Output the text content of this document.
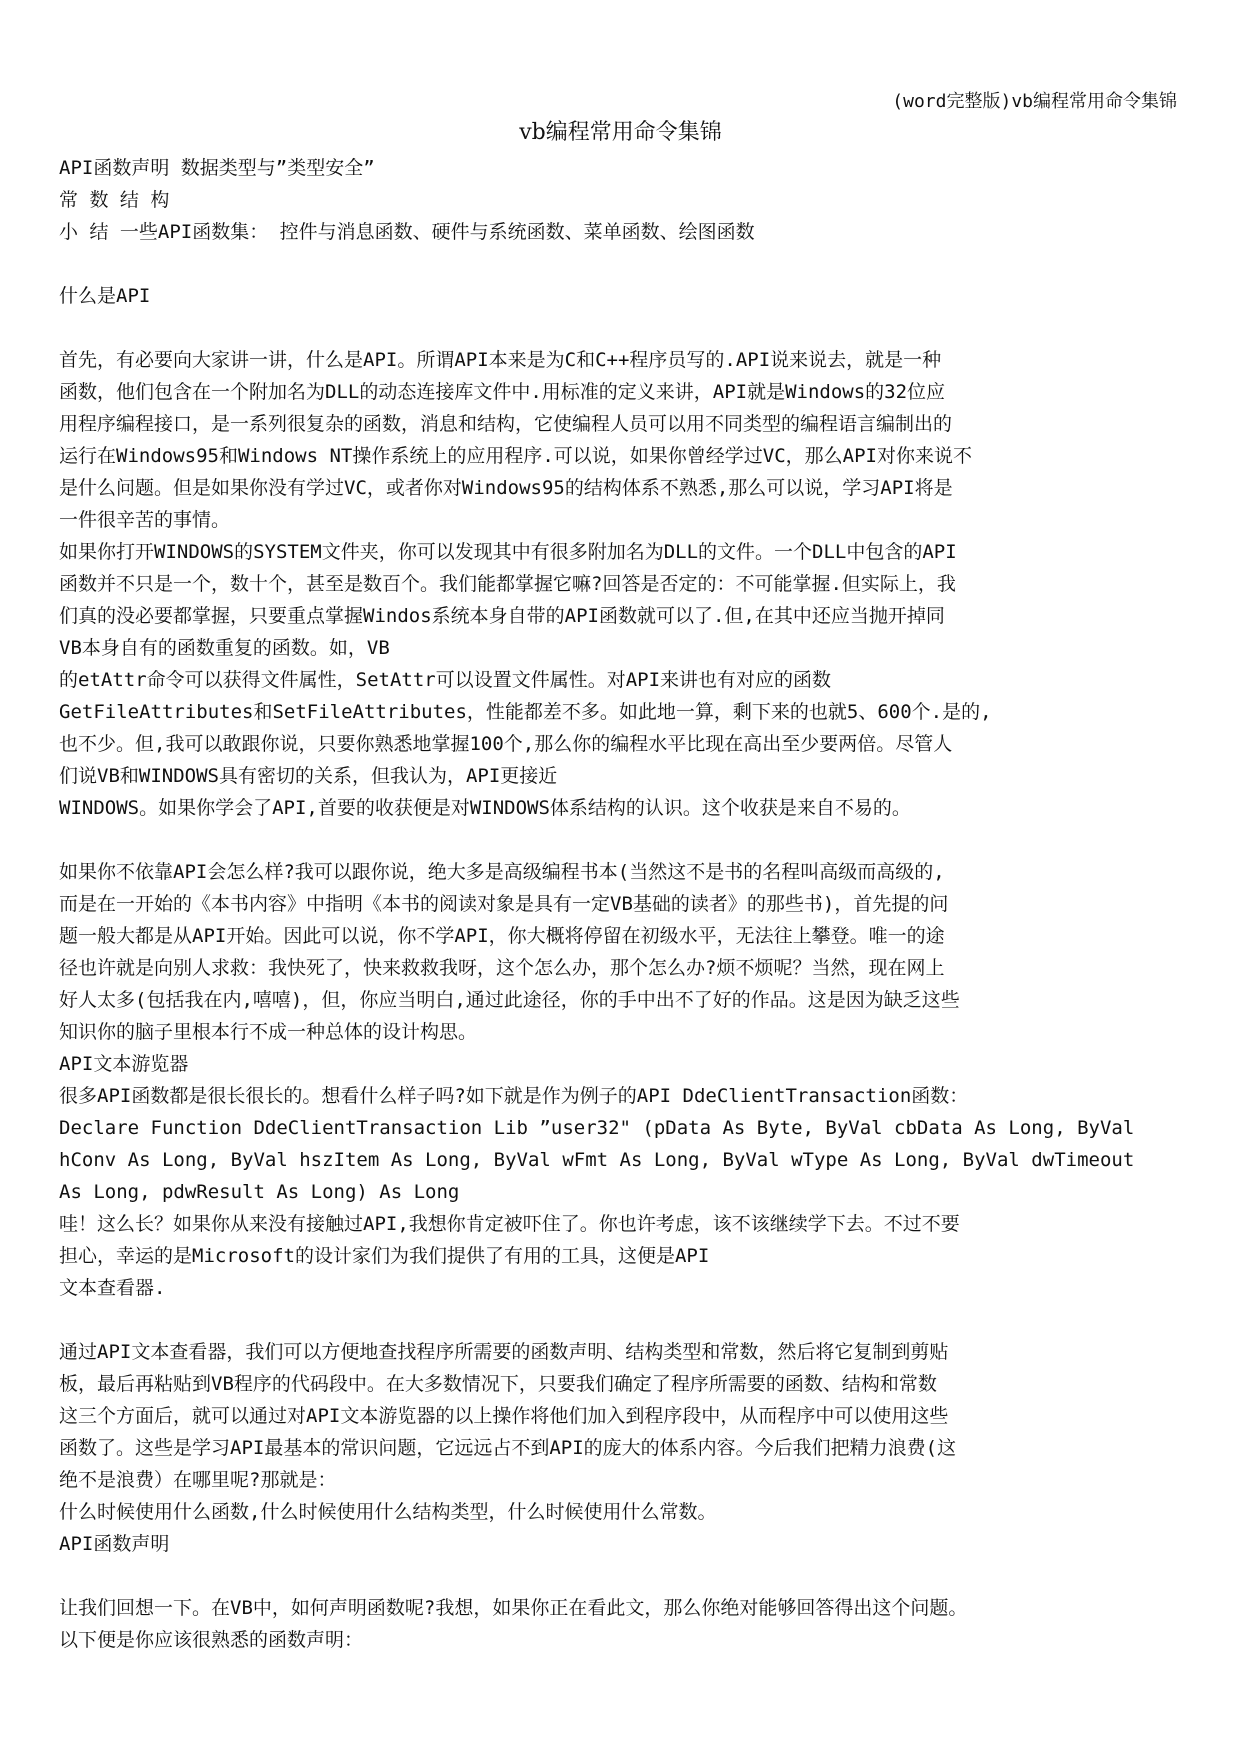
(word完整版)vb编程常用命令集锦
vb编程常用命令集锦
API函数声明 数据类型与”类型安全”
常 数 结 构
小 结 一些API函数集： 控件与消息函数、硬件与系统函数、菜单函数、绘图函数
什么是API
首先，有必要向大家讲一讲，什么是API。所谓API本来是为C和C++程序员写的.API说来说去，就是一种
函数，他们包含在一个附加名为DLL的动态连接库文件中.用标准的定义来讲，API就是Windows的32位应
用程序编程接口，是一系列很复杂的函数，消息和结构，它使编程人员可以用不同类型的编程语言编制出的
运行在Windows95和Windows NT操作系统上的应用程序.可以说，如果你曾经学过VC，那么API对你来说不
是什么问题。但是如果你没有学过VC，或者你对Windows95的结构体系不熟悉,那么可以说，学习API将是
一件很辛苦的事情。
如果你打开WINDOWS的SYSTEM文件夹，你可以发现其中有很多附加名为DLL的文件。一个DLL中包含的API
函数并不只是一个，数十个，甚至是数百个。我们能都掌握它嘛?回答是否定的：不可能掌握.但实际上，我
们真的没必要都掌握，只要重点掌握Windos系统本身自带的API函数就可以了.但,在其中还应当抛开掉同
VB本身自有的函数重复的函数。如，VB
的etAttr命令可以获得文件属性，SetAttr可以设置文件属性。对API来讲也有对应的函数
GetFileAttributes和SetFileAttributes，性能都差不多。如此地一算，剩下来的也就5、600个.是的,
也不少。但,我可以敢跟你说，只要你熟悉地掌握100个,那么你的编程水平比现在高出至少要两倍。尽管人
们说VB和WINDOWS具有密切的关系，但我认为，API更接近
WINDOWS。如果你学会了API,首要的收获便是对WINDOWS体系结构的认识。这个收获是来自不易的。
如果你不依靠API会怎么样?我可以跟你说，绝大多是高级编程书本(当然这不是书的名程叫高级而高级的,
而是在一开始的《本书内容》中指明《本书的阅读对象是具有一定VB基础的读者》的那些书)，首先提的问
题一般大都是从API开始。因此可以说，你不学API，你大概将停留在初级水平，无法往上攀登。唯一的途
径也许就是向别人求救：我快死了，快来救救我呀，这个怎么办，那个怎么办?烦不烦呢？当然，现在网上
好人太多(包括我在内,嘻嘻)，但，你应当明白,通过此途径，你的手中出不了好的作品。这是因为缺乏这些
知识你的脑子里根本行不成一种总体的设计构思。
API文本游览器
很多API函数都是很长很长的。想看什么样子吗?如下就是作为例子的API DdeClientTransaction函数：
Declare Function DdeClientTransaction Lib ”user32" (pData As Byte, ByVal cbData As Long, ByVal
hConv As Long, ByVal hszItem As Long, ByVal wFmt As Long, ByVal wType As Long, ByVal dwTimeout
As Long, pdwResult As Long) As Long
哇！这么长？如果你从来没有接触过API,我想你肯定被吓住了。你也许考虑，该不该继续学下去。不过不要
担心，幸运的是Microsoft的设计家们为我们提供了有用的工具，这便是API
文本查看器.
通过API文本查看器，我们可以方便地查找程序所需要的函数声明、结构类型和常数，然后将它复制到剪贴
板，最后再粘贴到VB程序的代码段中。在大多数情况下，只要我们确定了程序所需要的函数、结构和常数
这三个方面后，就可以通过对API文本游览器的以上操作将他们加入到程序段中，从而程序中可以使用这些
函数了。这些是学习API最基本的常识问题，它远远占不到API的庞大的体系内容。今后我们把精力浪费(这
绝不是浪费）在哪里呢?那就是：
什么时候使用什么函数,什么时候使用什么结构类型，什么时候使用什么常数。
API函数声明
让我们回想一下。在VB中，如何声明函数呢?我想，如果你正在看此文，那么你绝对能够回答得出这个问题。
以下便是你应该很熟悉的函数声明：
